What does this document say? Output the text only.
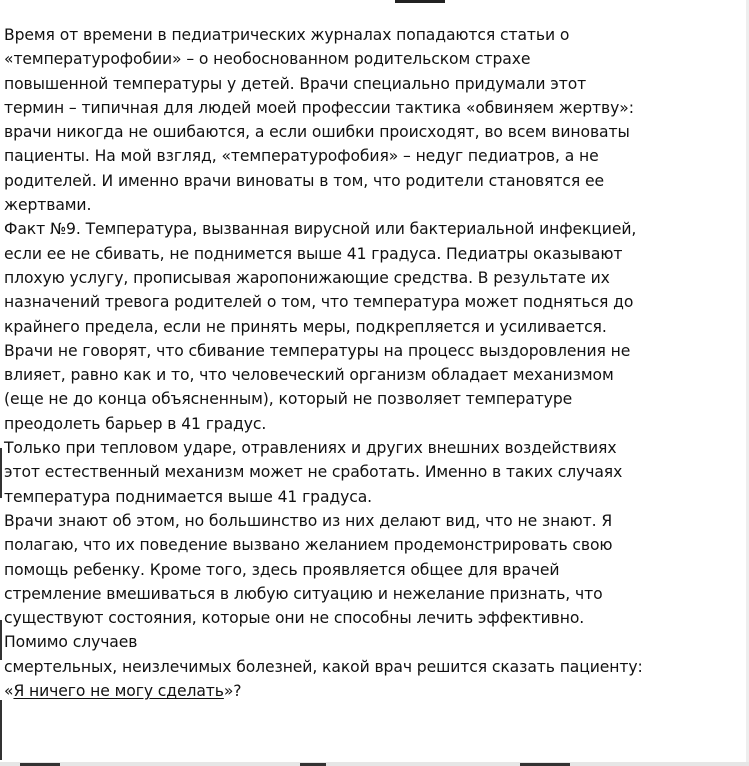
Время от времени в педиатрических журналах попадаются статьи о
«температурофобии» – о необоснованном родительском страхе
повышенной температуры у детей. Врачи специально придумали этот
термин – типичная для людей моей профессии тактика «обвиняем жертву»:
врачи никогда не ошибаются, а если ошибки происходят, во всем виноваты
пациенты. На мой взгляд, «температурофобия» – недуг педиатров, а не
родителей. И именно врачи виноваты в том, что родители становятся ее
жертвами.
Факт №9. Температура, вызванная вирусной или бактериальной инфекцией,
если ее не сбивать, не поднимется выше 41 градуса. Педиатры оказывают
плохую услугу, прописывая жаропонижающие средства. В результате их
назначений тревога родителей о том, что температура может подняться до
крайнего предела, если не принять меры, подкрепляется и усиливается.
Врачи не говорят, что сбивание температуры на процесс выздоровления не
влияет, равно как и то, что человеческий организм обладает механизмом
(еще не до конца объясненным), который не позволяет температуре
преодолеть барьер в 41 градус.
Только при тепловом ударе, отравлениях и других внешних воздействиях
этот естественный механизм может не сработать. Именно в таких случаях
температура поднимается выше 41 градуса.
Врачи знают об этом, но большинство из них делают вид, что не знают. Я
полагаю, что их поведение вызвано желанием продемонстрировать свою
помощь ребенку. Кроме того, здесь проявляется общее для врачей
стремление вмешиваться в любую ситуацию и нежелание признать, что
существуют состояния, которые они не способны лечить эффективно.
Помимо случаев
смертельных, неизлечимых болезней, какой врач решится сказать пациенту:
«Я ничего не могу сделать»?
